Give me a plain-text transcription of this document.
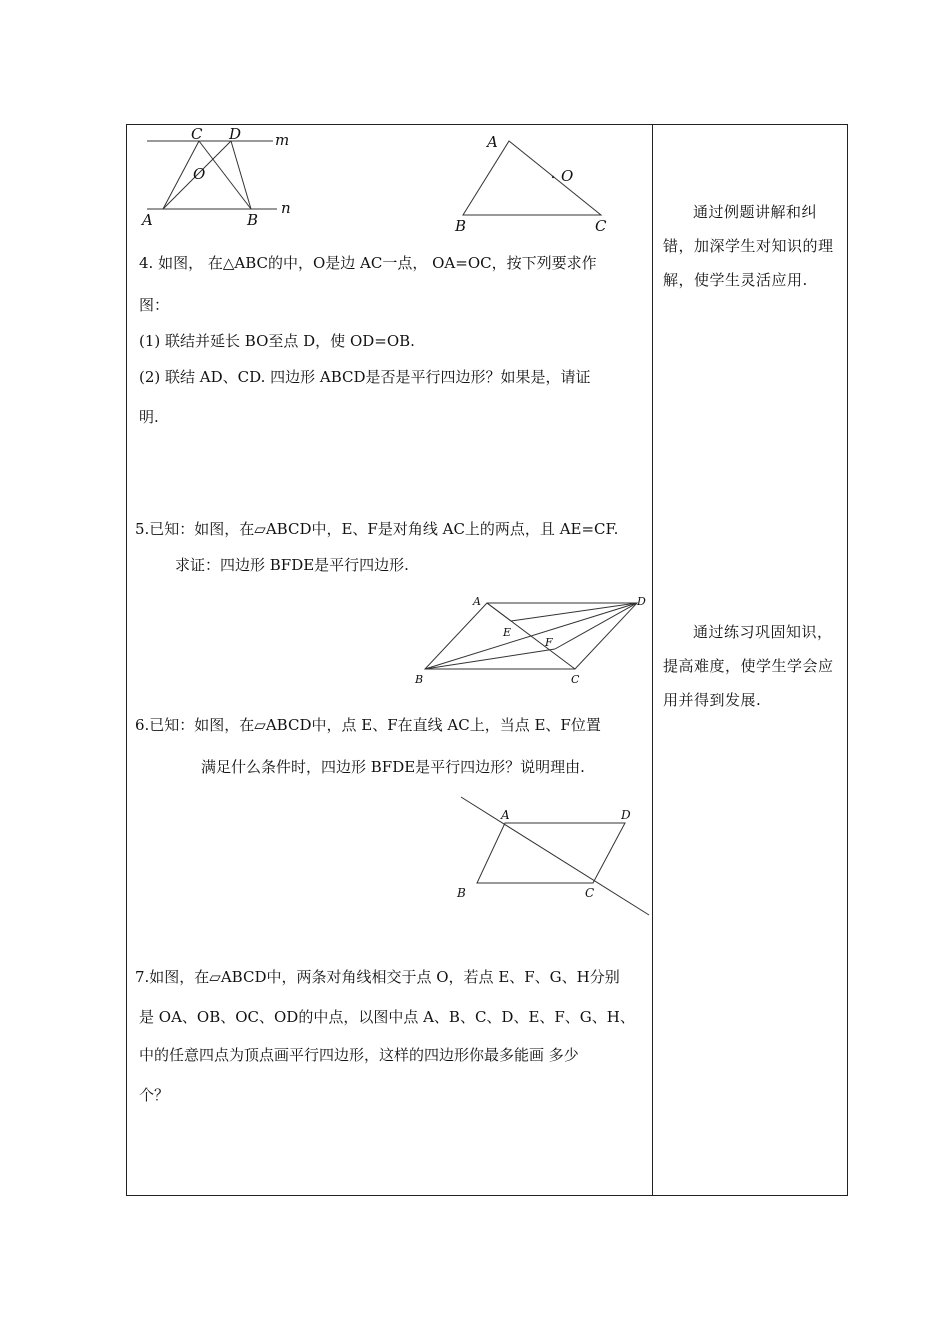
C D m
O
A	B
n
A
O
B	C
4. 如图， 在△ABC的中，O是边 AC一点， OA=OC，按下列要求作
图：
(1) 联结并延长 BO至点 D，使 OD=OB.
(2) 联结 AD、CD. 四边形 ABCD是否是平行四边形？如果是，请证
明.
5.已知：如图，在▱ABCD中，E、F是对角线 AC上的两点，且 AE=CF.
求证：四边形 BFDE是平行四边形.
A	D
E
F
B	C
6.已知：如图，在▱ABCD中，点 E、F在直线 AC上，当点 E、F位置
满足什么条件时，四边形 BFDE是平行四边形？说明理由.
A	D
B	C
7.如图，在▱ABCD中，两条对角线相交于点 O，若点 E、F、G、H分别
是 OA、OB、OC、OD的中点，以图中点 A、B、C、D、E、F、G、H、
中的任意四点为顶点画平行四边形，这样的四边形你最多能画 多少
个？
通过例题讲解和纠错，加深学生对知识的理解，使学生灵活应用.
通过练习巩固知识，提高难度，使学生学会应用并得到发展.
